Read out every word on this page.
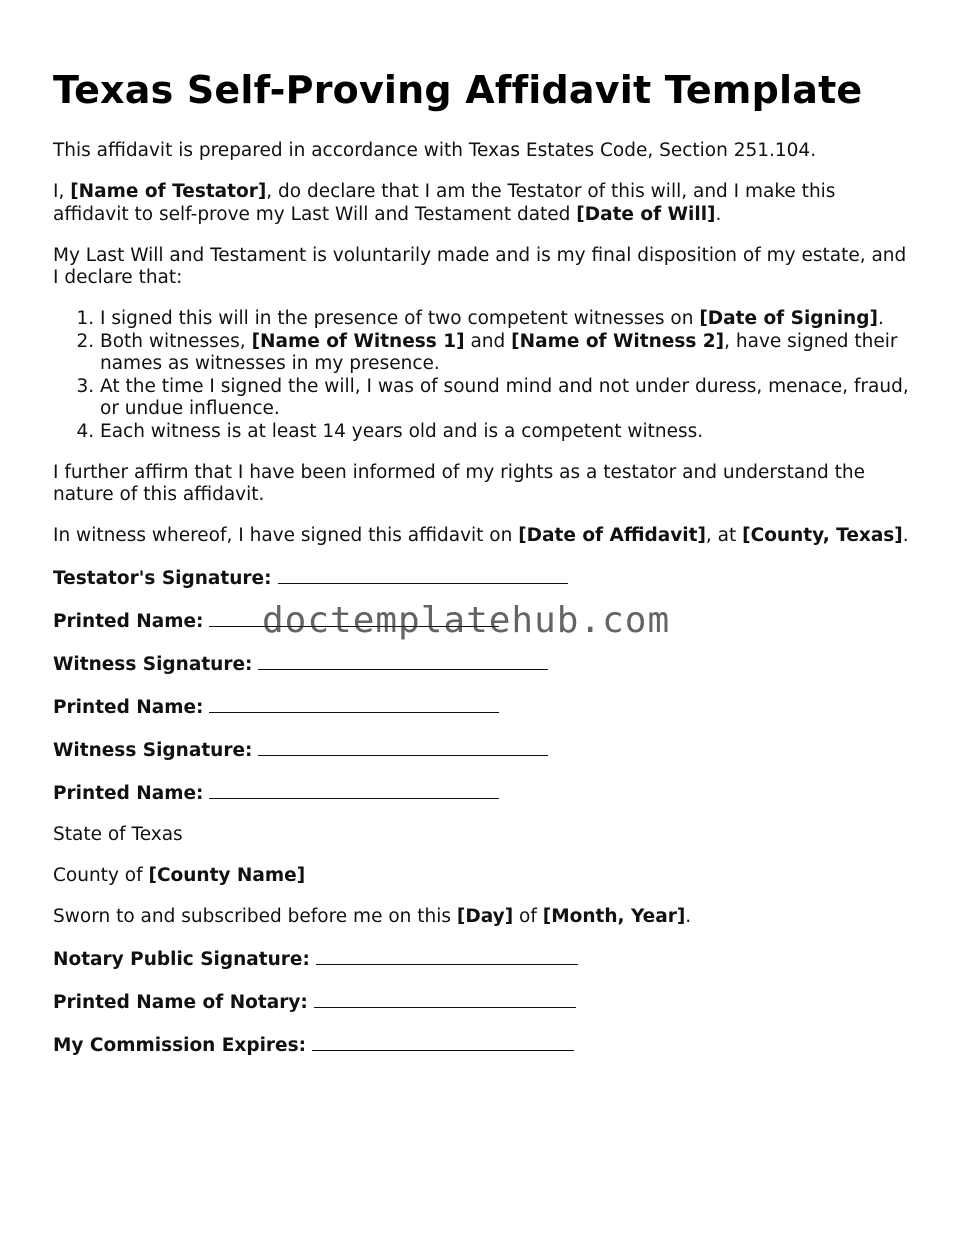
Texas Self-Proving Affidavit Template

This affidavit is prepared in accordance with Texas Estates Code, Section 251.104.

I, [Name of Testator], do declare that I am the Testator of this will, and I make this affidavit to self-prove my Last Will and Testament dated [Date of Will].

My Last Will and Testament is voluntarily made and is my final disposition of my estate, and I declare that:

1. I signed this will in the presence of two competent witnesses on [Date of Signing].
2. Both witnesses, [Name of Witness 1] and [Name of Witness 2], have signed their names as witnesses in my presence.
3. At the time I signed the will, I was of sound mind and not under duress, menace, fraud, or undue influence.
4. Each witness is at least 14 years old and is a competent witness.

I further affirm that I have been informed of my rights as a testator and understand the nature of this affidavit.

In witness whereof, I have signed this affidavit on [Date of Affidavit], at [County, Texas].

Testator's Signature:
Printed Name:
Witness Signature:
Printed Name:
Witness Signature:
Printed Name:

State of Texas

County of [County Name]

Sworn to and subscribed before me on this [Day] of [Month, Year].

Notary Public Signature:
Printed Name of Notary:
My Commission Expires:
doctemplatehub.com
